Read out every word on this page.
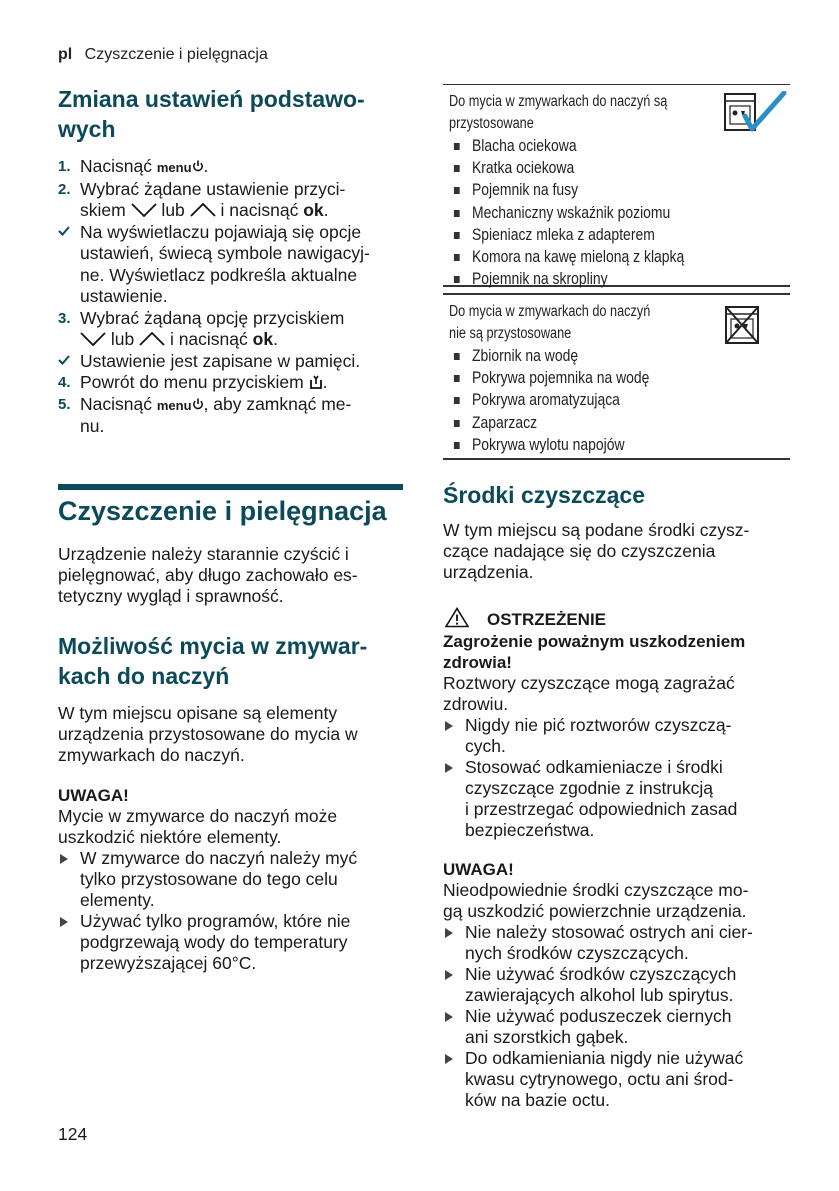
pl Czyszczenie i pielęgnacja
Zmiana ustawień podstawo-
wych
1. Nacisnąć menu .
2. Wybrać żądane ustawienie przyci-
skiem  lub  i nacisnąć ok.
Na wyświetlaczu pojawiają się opcje
ustawień, świecą symbole nawigacyj-
ne. Wyświetlacz podkreśla aktualne
ustawienie.
3. Wybrać żądaną opcję przyciskiem
lub  i nacisnąć ok.
Ustawienie jest zapisane w pamięci.
4. Powrót do menu przyciskiem .
5. Nacisnąć menu , aby zamknąć me-
nu.
Czyszczenie i pielęgnacja

Urządzenie należy starannie czyścić i
pielęgnować, aby długo zachowało es-
tetyczny wygląd i sprawność.

Możliwość mycia w zmywar-
kach do naczyń

W tym miejscu opisane są elementy
urządzenia przystosowane do mycia w
zmywarkach do naczyń.

UWAGA!

Mycie w zmywarce do naczyń może
uszkodzić niektóre elementy.

W zmywarce do naczyń należy myć
tylko przystosowane do tego celu
elementy.
Używać tylko programów, które nie
podgrzewają wody do temperatury
przewyższającej 60°C.
Do mycia w zmywarkach do naczyń są
przystosowane
Blacha ociekowa
Kratka ociekowa
Pojemnik na fusy
Mechaniczny wskaźnik poziomu
Spieniacz mleka z adapterem
Komora na kawę mieloną z klapką
Pojemnik na skropliny
Do mycia w zmywarkach do naczyń
nie są przystosowane
Zbiornik na wodę
Pokrywa pojemnika na wodę
Pokrywa aromatyzująca
Zaparzacz
Pokrywa wylotu napojów
Środki czyszczące

W tym miejscu są podane środki czysz-
czące nadające się do czyszczenia
urządzenia.

OSTRZEŻENIE
Zagrożenie poważnym uszkodzeniem
zdrowia!

Roztwory czyszczące mogą zagrażać
zdrowiu.

Nigdy nie pić roztworów czyszczą-
cych.
Stosować odkamieniacze i środki
czyszczące zgodnie z instrukcją
i przestrzegać odpowiednich zasad
bezpieczeństwa.
UWAGA!

Nieodpowiednie środki czyszczące mo-
gą uszkodzić powierzchnie urządzenia.

Nie należy stosować ostrych ani cier-
nych środków czyszczących.
Nie używać środków czyszczących
zawierających alkohol lub spirytus.
Nie używać poduszeczek ciernych
ani szorstkich gąbek.
Do odkamieniania nigdy nie używać
kwasu cytrynowego, octu ani środ-
ków na bazie octu.
124
